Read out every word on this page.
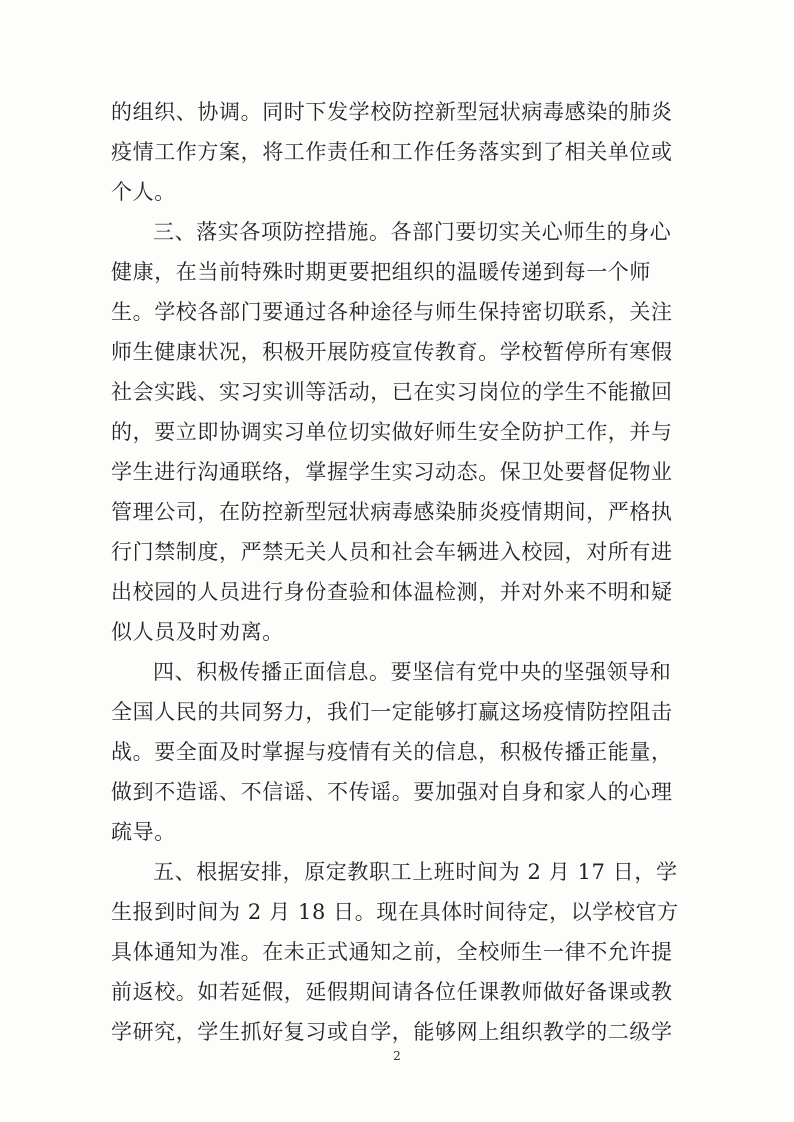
的组织、协调。同时下发学校防控新型冠状病毒感染的肺炎
疫情工作方案，将工作责任和工作任务落实到了相关单位或
个人。
三、落实各项防控措施。各部门要切实关心师生的身心
健康，在当前特殊时期更要把组织的温暖传递到每一个师
生。学校各部门要通过各种途径与师生保持密切联系，关注
师生健康状况，积极开展防疫宣传教育。学校暂停所有寒假
社会实践、实习实训等活动，已在实习岗位的学生不能撤回
的，要立即协调实习单位切实做好师生安全防护工作，并与
学生进行沟通联络，掌握学生实习动态。保卫处要督促物业
管理公司，在防控新型冠状病毒感染肺炎疫情期间，严格执
行门禁制度，严禁无关人员和社会车辆进入校园，对所有进
出校园的人员进行身份查验和体温检测，并对外来不明和疑
似人员及时劝离。
四、积极传播正面信息。要坚信有党中央的坚强领导和
全国人民的共同努力，我们一定能够打赢这场疫情防控阻击
战。要全面及时掌握与疫情有关的信息，积极传播正能量，
做到不造谣、不信谣、不传谣。要加强对自身和家人的心理
疏导。
五、根据安排，原定教职工上班时间为 2 月 17 日，学
生报到时间为 2 月 18 日。现在具体时间待定，以学校官方
具体通知为准。在未正式通知之前，全校师生一律不允许提
前返校。如若延假，延假期间请各位任课教师做好备课或教
学研究，学生抓好复习或自学，能够网上组织教学的二级学
2
